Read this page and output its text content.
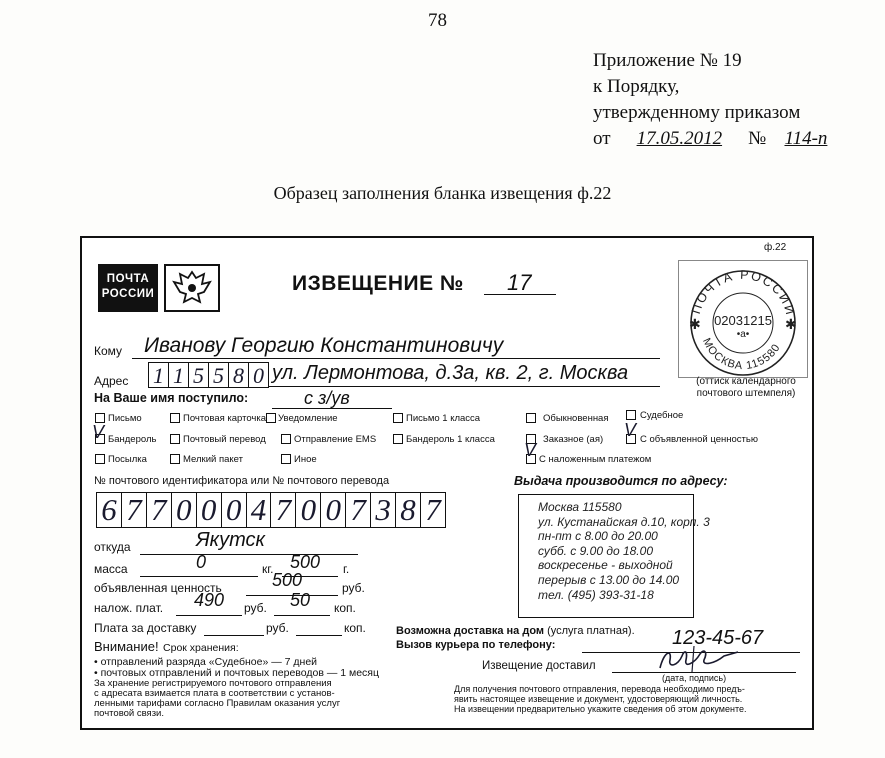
78
Приложение № 19
к Порядку,
утвержденному приказом
от 17.05.2012 № 114-п
Образец заполнения бланка извещения ф.22
ПОЧТА
РОССИИ	ИЗВЕЩЕНИЕ № 17
ф.22
ПОЧТА РОССИИ
МОСКВА 115580
02031215
•а•
✱	✱
(оттиск календарного
почтового штемпеля)
Кому Иванову Георгию Константиновичу
Адрес 1 1 5 5 8 0 ул. Лермонтова, д.3а, кв. 2, г. Москва
На Ваше имя поступило:	с з/ув
Письмо	Почтовая карточка Уведомление	Письмо 1 класса	Обыкновенная	Судебное
V Бандероль	Почтовый перевод	Отправление EMS	Бандероль 1 класса	Заказное (ая) V С объявленной ценностью
Посылка	Мелкий пакет	Иное	V С наложенным платежом
№ почтового идентификатора или № почтового перевода
6 7 7 0 0 0 4 7 0 0 7 3 8 7
откуда	Якутск
масса	0	кг. 500 г.
объявленная ценность	500	руб.
налож. плат. 490 руб. 50 коп.
Плата за доставку	руб.	коп.
Внимание! Срок хранения:
• отправлений разряда «Судебное» — 7 дней
• почтовых отправлений и почтовых переводов — 1 месяц
За хранение регистрируемого почтового отправления
с адресата взимается плата в соответствии с установ-
ленными тарифами согласно Правилам оказания услуг
почтовой связи.
Выдача производится по адресу:
Москва 115580
ул. Кустанайская д.10, корп. 3
пн-пт с 8.00 до 20.00
субб. с 9.00 до 18.00
воскресенье - выходной
перерыв с 13.00 до 14.00
тел. (495) 393-31-18
Возможна доставка на дом (услуга платная).
Вызов курьера по телефону:	123-45-67
Извещение доставил
(дата, подпись)
Для получения почтового отправления, перевода необходимо предъ-
явить настоящее извещение и документ, удостоверяющий личность.
На извещении предварительно укажите сведения об этом документе.
